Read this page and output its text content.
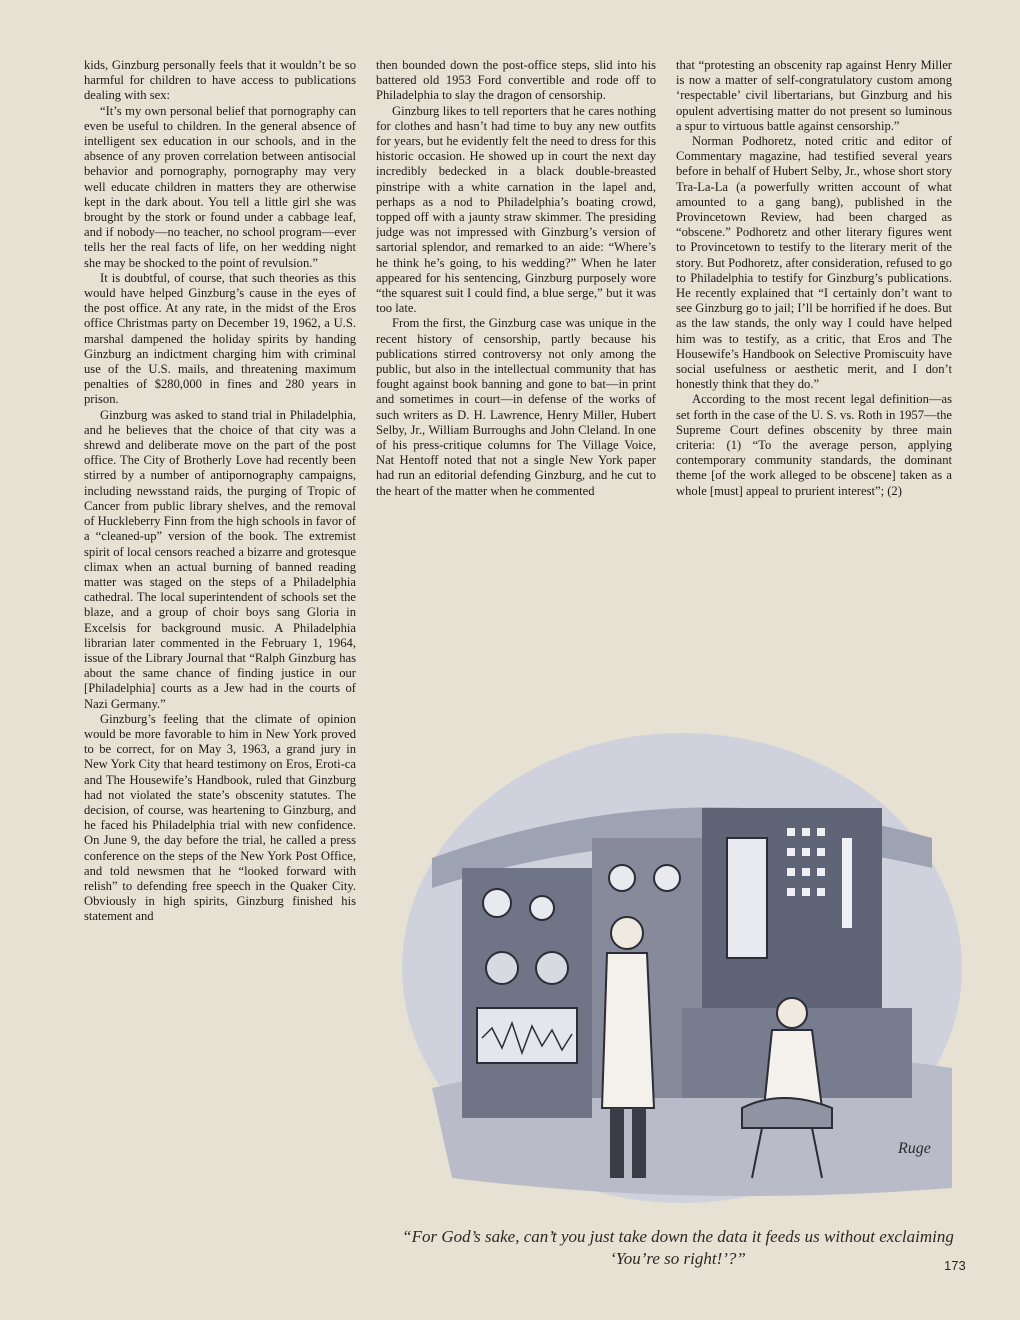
kids, Ginzburg personally feels that it wouldn’t be so harmful for children to have access to publications dealing with sex:

“It’s my own personal belief that pornography can even be useful to children. In the general absence of intelligent sex education in our schools, and in the absence of any proven correlation between antisocial behavior and pornography, pornography may very well educate children in matters they are otherwise kept in the dark about. You tell a little girl she was brought by the stork or found under a cabbage leaf, and if nobody—no teacher, no school program—ever tells her the real facts of life, on her wedding night she may be shocked to the point of revulsion.”

It is doubtful, of course, that such theories as this would have helped Ginzburg’s cause in the eyes of the post office. At any rate, in the midst of the Eros office Christmas party on December 19, 1962, a U.S. marshal dampened the holiday spirits by handing Ginzburg an indictment charging him with criminal use of the U.S. mails, and threatening maximum penalties of $280,000 in fines and 280 years in prison.

Ginzburg was asked to stand trial in Philadelphia, and he believes that the choice of that city was a shrewd and deliberate move on the part of the post office. The City of Brotherly Love had recently been stirred by a number of antipornography campaigns, including newsstand raids, the purging of Tropic of Cancer from public library shelves, and the removal of Huckleberry Finn from the high schools in favor of a “cleaned-up” version of the book. The extremist spirit of local censors reached a bizarre and grotesque climax when an actual burning of banned reading matter was staged on the steps of a Philadelphia cathedral. The local superintendent of schools set the blaze, and a group of choir boys sang Gloria in Excelsis for background music. A Philadelphia librarian later commented in the February 1, 1964, issue of the Library Journal that “Ralph Ginzburg has about the same chance of finding justice in our [Philadelphia] courts as a Jew had in the courts of Nazi Germany.”

Ginzburg’s feeling that the climate of opinion would be more favorable to him in New York proved to be correct, for on May 3, 1963, a grand jury in New York City that heard testimony on Eros, Eroti-ca and The Housewife’s Handbook, ruled that Ginzburg had not violated the state’s obscenity statutes. The decision, of course, was heartening to Ginzburg, and he faced his Philadelphia trial with new confidence. On June 9, the day before the trial, he called a press conference on the steps of the New York Post Office, and told newsmen that he “looked forward with relish” to defending free speech in the Quaker City. Obviously in high spirits, Ginzburg finished his statement and

then bounded down the post-office steps, slid into his battered old 1953 Ford convertible and rode off to Philadelphia to slay the dragon of censorship.

Ginzburg likes to tell reporters that he cares nothing for clothes and hasn’t had time to buy any new outfits for years, but he evidently felt the need to dress for this historic occasion. He showed up in court the next day incredibly bedecked in a black double-breasted pinstripe with a white carnation in the lapel and, perhaps as a nod to Philadelphia’s boating crowd, topped off with a jaunty straw skimmer. The presiding judge was not impressed with Ginzburg’s version of sartorial splendor, and remarked to an aide: “Where’s he think he’s going, to his wedding?” When he later appeared for his sentencing, Ginzburg purposely wore “the squarest suit I could find, a blue serge,” but it was too late.

From the first, the Ginzburg case was unique in the recent history of censorship, partly because his publications stirred controversy not only among the public, but also in the intellectual community that has fought against book banning and gone to bat—in print and sometimes in court—in defense of the works of such writers as D. H. Lawrence, Henry Miller, Hubert Selby, Jr., William Burroughs and John Cleland. In one of his press-critique columns for The Village Voice, Nat Hentoff noted that not a single New York paper had run an editorial defending Ginzburg, and he cut to the heart of the matter when he commented

that “protesting an obscenity rap against Henry Miller is now a matter of self-congratulatory custom among ‘respectable’ civil libertarians, but Ginzburg and his opulent advertising matter do not present so luminous a spur to virtuous battle against censorship.”

Norman Podhoretz, noted critic and editor of Commentary magazine, had testified several years before in behalf of Hubert Selby, Jr., whose short story Tra-La-La (a powerfully written account of what amounted to a gang bang), published in the Provincetown Review, had been charged as “obscene.” Podhoretz and other literary figures went to Provincetown to testify to the literary merit of the story. But Podhoretz, after consideration, refused to go to Philadelphia to testify for Ginzburg’s publications. He recently explained that “I certainly don’t want to see Ginzburg go to jail; I’ll be horrified if he does. But as the law stands, the only way I could have helped him was to testify, as a critic, that Eros and The Housewife’s Handbook on Selective Promiscuity have social usefulness or aesthetic merit, and I don’t honestly think that they do.”

According to the most recent legal definition—as set forth in the case of the U. S. vs. Roth in 1957—the Supreme Court defines obscenity by three main criteria: (1) “To the average person, applying contemporary community standards, the dominant theme [of the work alleged to be obscene] taken as a whole [must] appeal to prurient interest”; (2)

Ruge
“For God’s sake, can’t you just take down the data it feeds us without exclaiming ‘You’re so right!’?”	173
